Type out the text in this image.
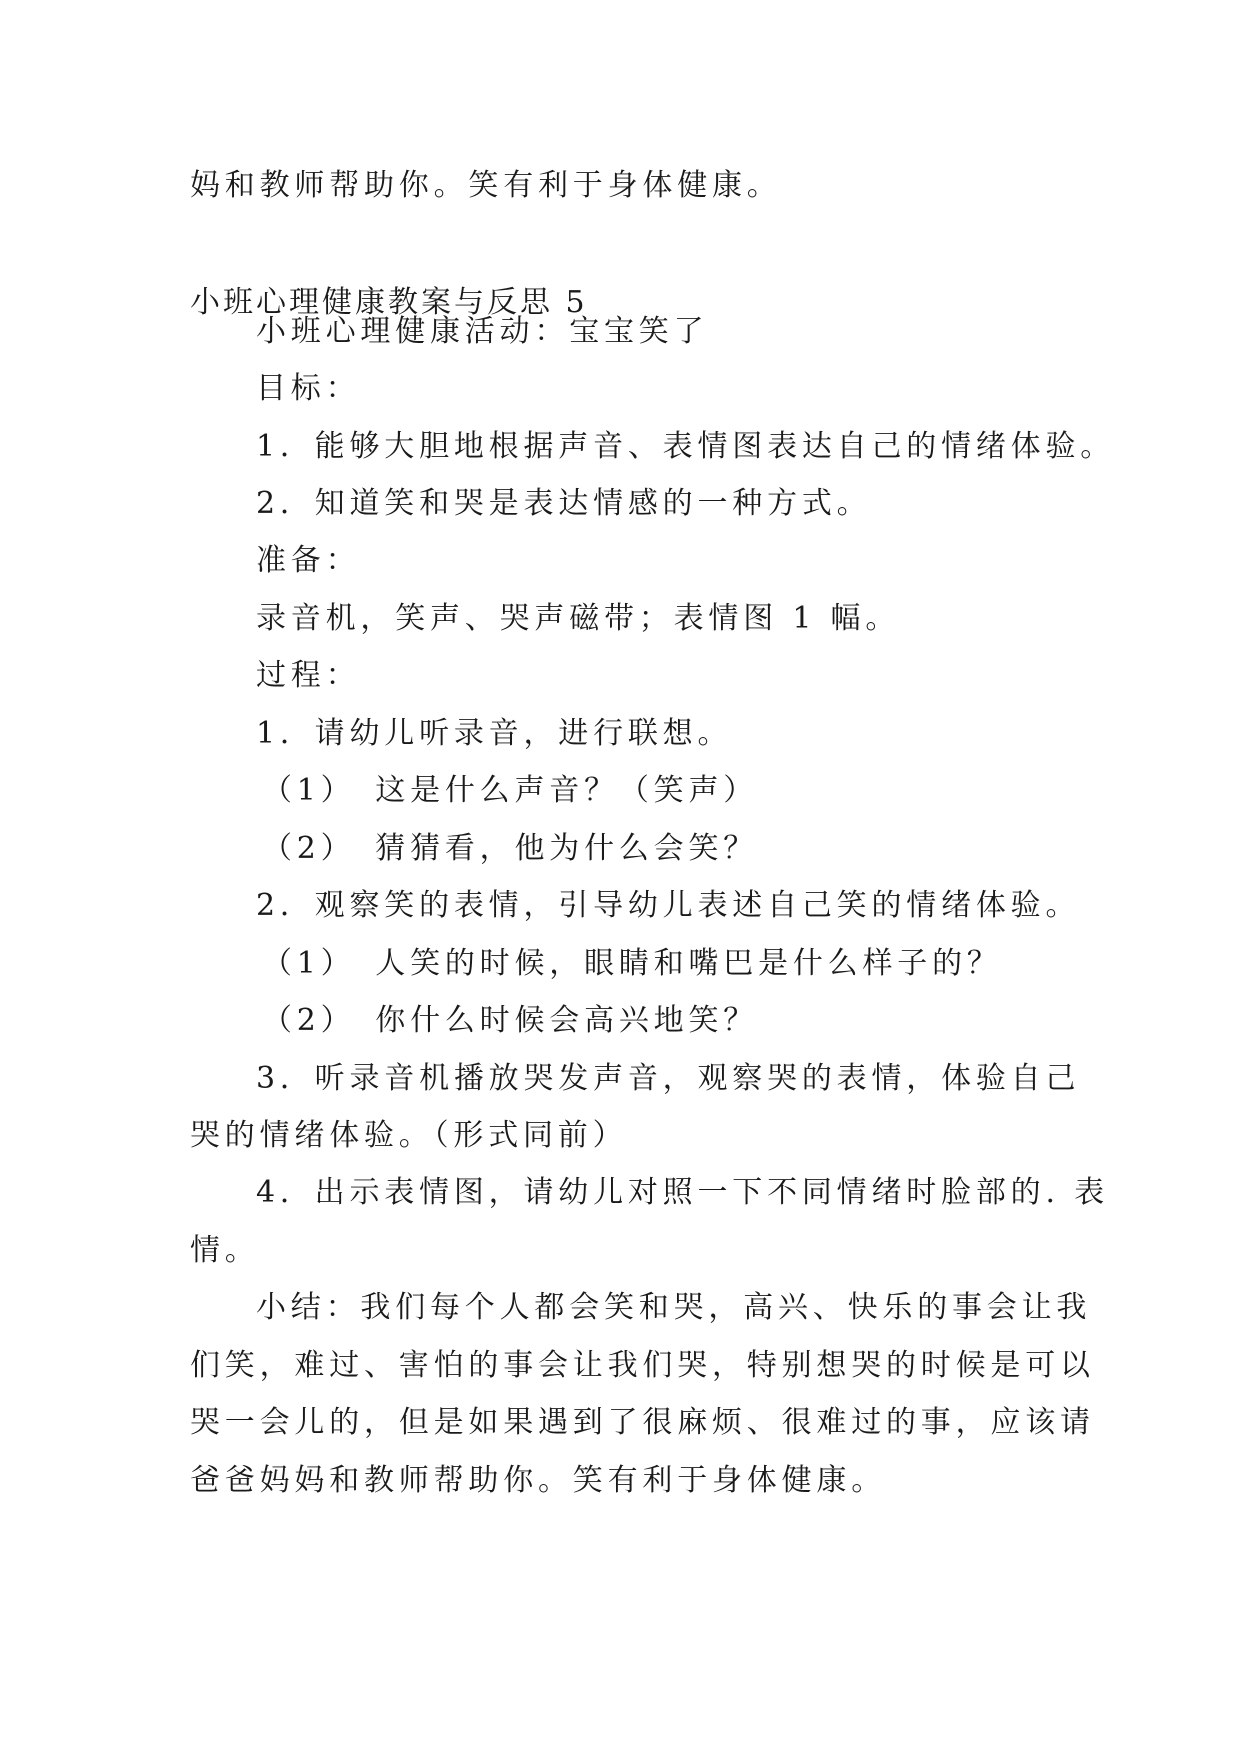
妈和教师帮助你。笑有利于身体健康。
小班心理健康教案与反思 5
小班心理健康活动：宝宝笑了
目标：
1．能够大胆地根据声音、表情图表达自己的情绪体验。
2．知道笑和哭是表达情感的一种方式。
准备：
录音机，笑声、哭声磁带；表情图 1 幅。
过程：
1．请幼儿听录音，进行联想。
（1）　这是什么声音？（笑声）
（2）　猜猜看，他为什么会笑？
2．观察笑的表情，引导幼儿表述自己笑的情绪体验。
（1）　人笑的时候，眼睛和嘴巴是什么样子的？
（2）　你什么时候会高兴地笑？
3．听录音机播放哭发声音，观察哭的表情，体验自己
哭的情绪体验。（形式同前）
4．出示表情图，请幼儿对照一下不同情绪时脸部的. 表
情。
小结：我们每个人都会笑和哭，高兴、快乐的事会让我
们笑，难过、害怕的事会让我们哭，特别想哭的时候是可以
哭一会儿的，但是如果遇到了很麻烦、很难过的事，应该请
爸爸妈妈和教师帮助你。笑有利于身体健康。
